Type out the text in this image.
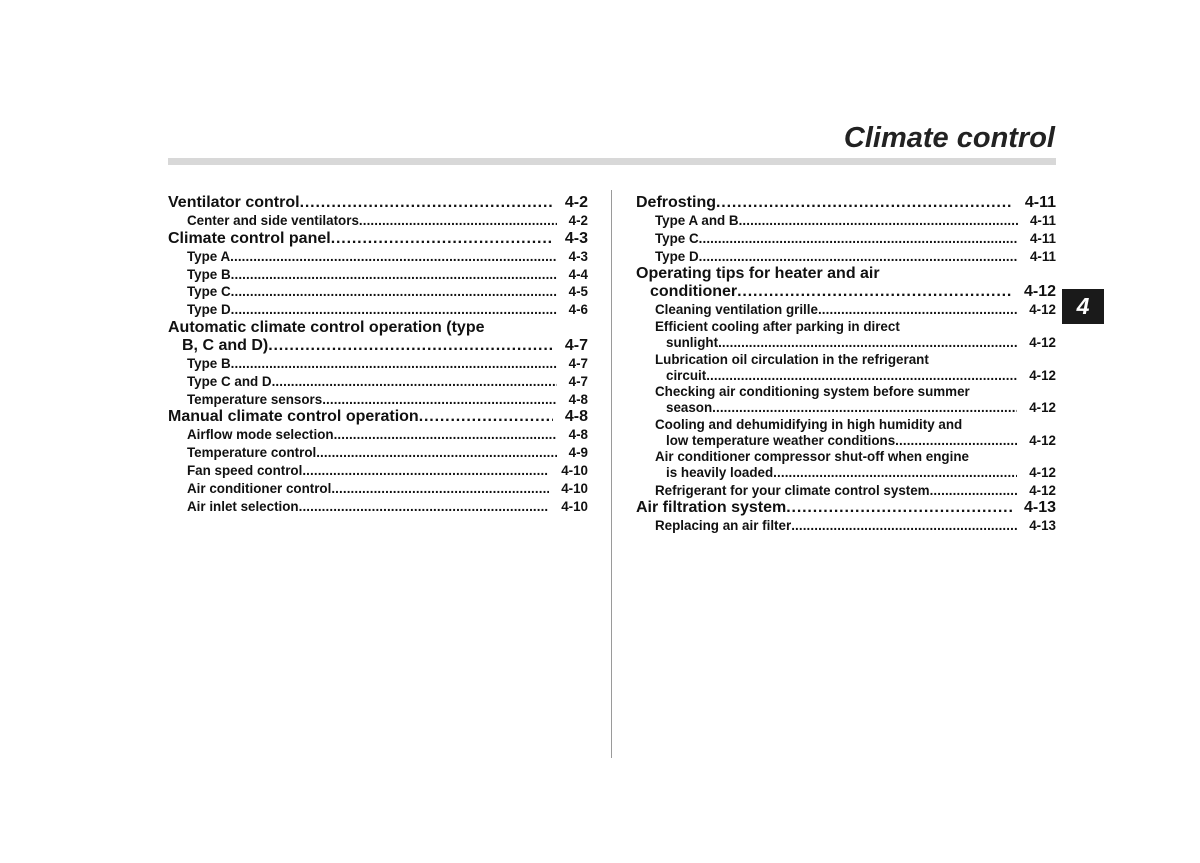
Climate control
4
Ventilator control . . .	4-2
Center and side ventilators . . .	4-2
Climate control panel . . .	4-3
Type A . . .	4-3
Type B . . .	4-4
Type C . . .	4-5
Type D . . .	4-6
Automatic climate control operation (type
B, C and D) . . .	4-7
Type B . . .	4-7
Type C and D . . .	4-7
Temperature sensors . . .	4-8
Manual climate control operation . . .	4-8
Airflow mode selection . . .	4-8
Temperature control . . .	4-9
Fan speed control . . .	4-10
Air conditioner control . . .	4-10
Air inlet selection . . .	4-10
Defrosting . . .	4-11
Type A and B . . .	4-11
Type C . . .	4-11
Type D . . .	4-11
Operating tips for heater and air
conditioner . . .	4-12
Cleaning ventilation grille . . .	4-12
Efficient cooling after parking in direct
sunlight . . .	4-12
Lubrication oil circulation in the refrigerant
circuit . . .	4-12
Checking air conditioning system before summer
season . . .	4-12
Cooling and dehumidifying in high humidity and
low temperature weather conditions . . .	4-12
Air conditioner compressor shut-off when engine
is heavily loaded . . .	4-12
Refrigerant for your climate control system . . .	4-12
Air filtration system . . .	4-13
Replacing an air filter . . .	4-13
